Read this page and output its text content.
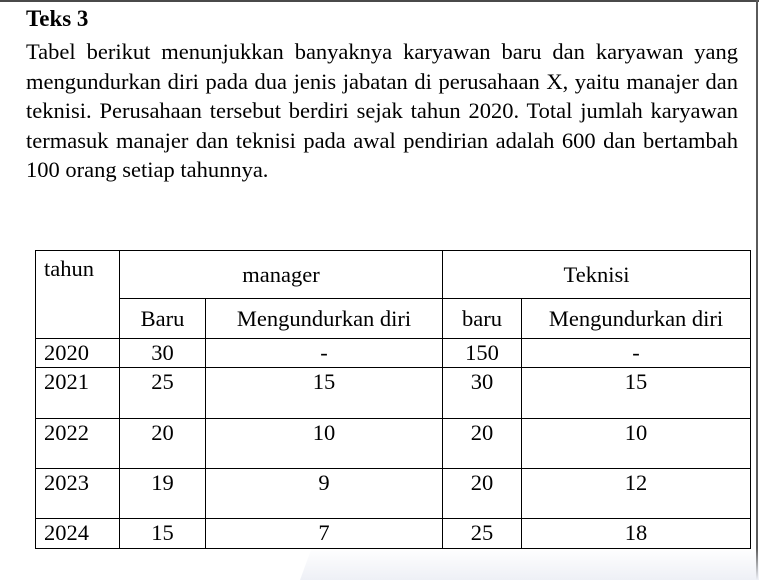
Teks 3
Tabel berikut menunjukkan banyaknya karyawan baru dan karyawan yang mengundurkan diri pada dua jenis jabatan di perusahaan X, yaitu manajer dan teknisi. Perusahaan tersebut berdiri sejak tahun 2020. Total jumlah karyawan termasuk manajer dan teknisi pada awal pendirian adalah 600 dan bertambah 100 orang setiap tahunnya.
tahun	manager		Teknisi	
	Baru	Mengundurkan diri	baru	Mengundurkan diri
2020	30	-	150	-
2021	25	15	30	15
2022	20	10	20	10
2023	19	9	20	12
2024	15	7	25	18
